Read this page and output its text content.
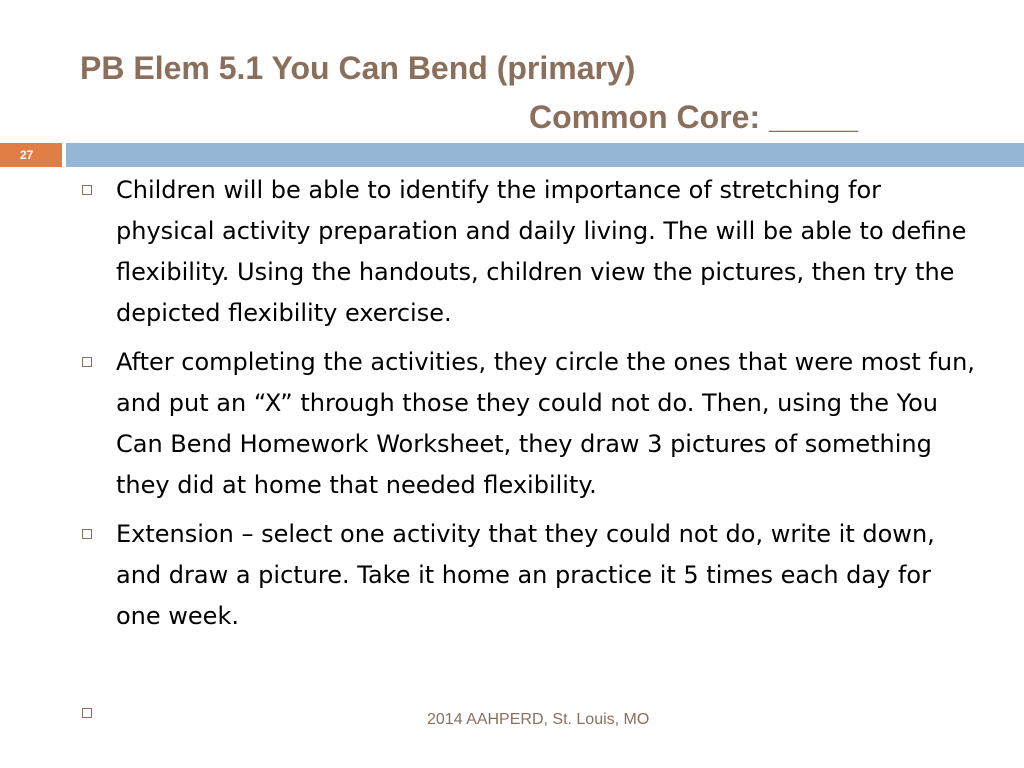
PB Elem 5.1 You Can Bend (primary)
Common Core: _____
27
Children will be able to identify the importance of stretching for physical activity preparation and daily living. The will be able to define flexibility. Using the handouts, children view the pictures, then try the depicted flexibility exercise.
After completing the activities, they circle the ones that were most fun, and put an “X” through those they could not do. Then, using the You Can Bend Homework Worksheet, they draw 3 pictures of something they did at home that needed flexibility.
Extension – select one activity that they could not do, write it down, and draw a picture. Take it home an practice it 5 times each day for one week.
2014 AAHPERD, St. Louis, MO
